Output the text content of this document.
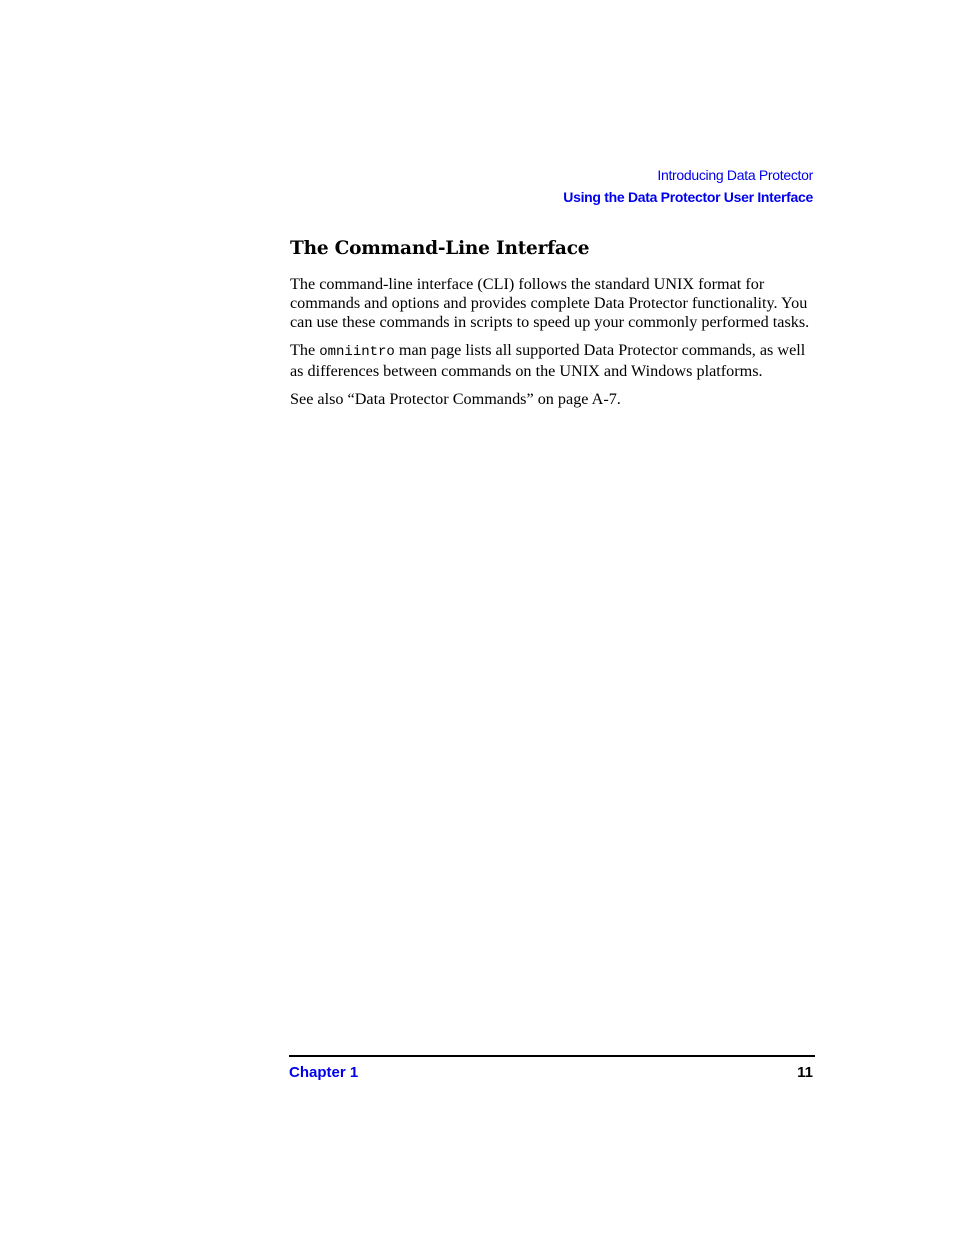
Introducing Data Protector
Using the Data Protector User Interface
The Command-Line Interface

The command-line interface (CLI) follows the standard UNIX format for commands and options and provides complete Data Protector functionality. You can use these commands in scripts to speed up your commonly performed tasks.

The omniintro man page lists all supported Data Protector commands, as well as differences between commands on the UNIX and Windows platforms.

See also “Data Protector Commands” on page A-7.

Chapter 1	11
